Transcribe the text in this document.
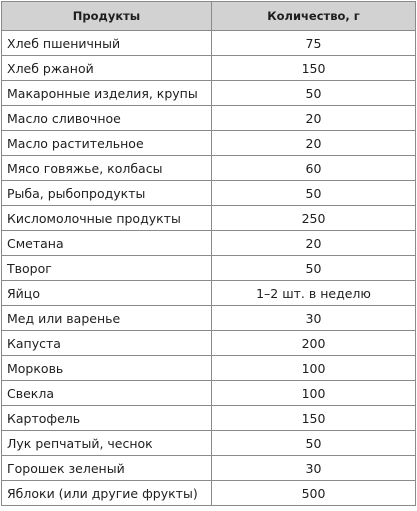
Продукты	Количество, г
Хлеб пшеничный	75
Хлеб ржаной	150
Макаронные изделия, крупы	50
Масло сливочное	20
Масло растительное	20
Мясо говяжье, колбасы	60
Рыба, рыбопродукты	50
Кисломолочные продукты	250
Сметана	20
Творог	50
Яйцо	1–2 шт. в неделю
Мед или варенье	30
Капуста	200
Морковь	100
Свекла	100
Картофель	150
Лук репчатый, чеснок	50
Горошек зеленый	30
Яблоки (или другие фрукты)	500
